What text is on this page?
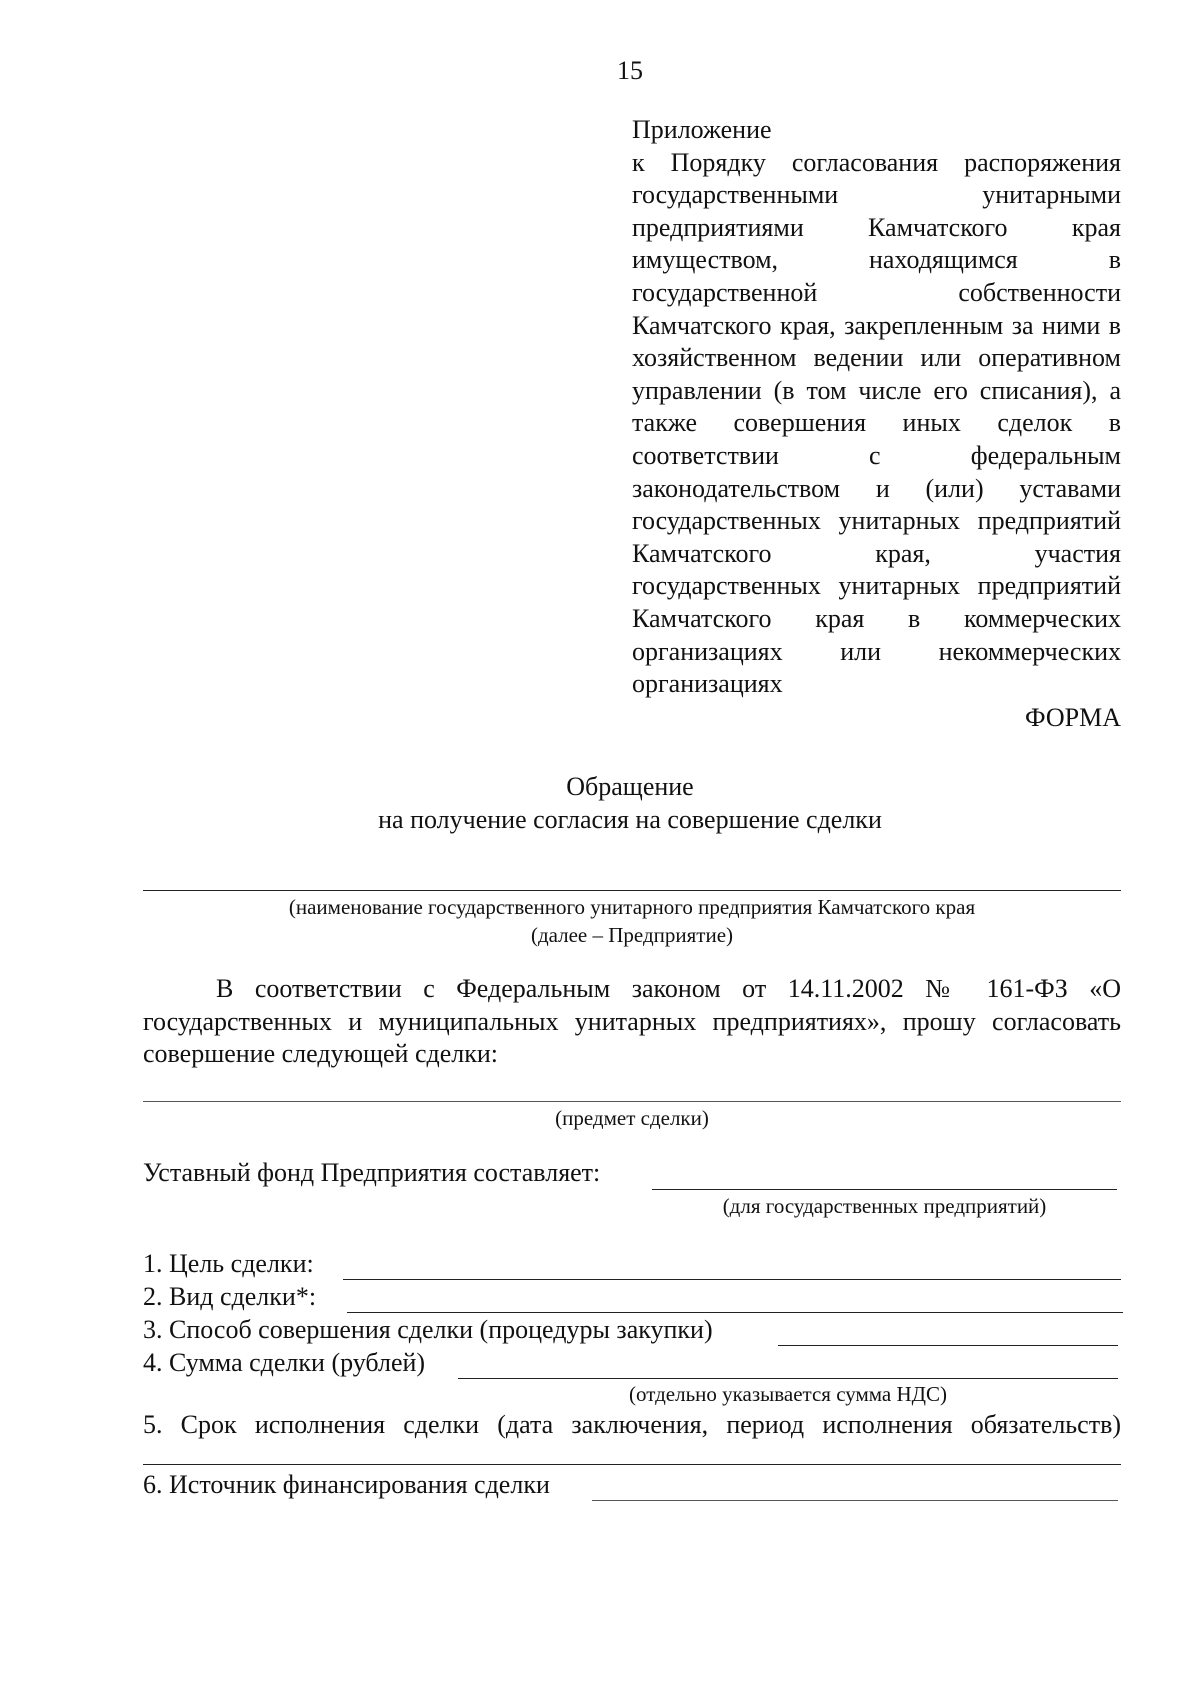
15
Приложение
к Порядку согласования распоряжения государственными унитарными предприятиями Камчатского края имуществом, находящимся в государственной собственности Камчатского края, закрепленным за ними в хозяйственном ведении или оперативном управлении (в том числе его списания), а также совершения иных сделок в соответствии с федеральным законодательством и (или) уставами государственных унитарных предприятий Камчатского края, участия государственных унитарных предприятий Камчатского края в коммерческих организациях или некоммерческих организациях
ФОРМА
Обращение
на получение согласия на совершение сделки
(наименование государственного унитарного предприятия Камчатского края
(далее – Предприятие)
В соответствии с Федеральным законом от 14.11.2002 № 161-ФЗ «О государственных и муниципальных унитарных предприятиях», прошу согласовать совершение следующей сделки:
(предмет сделки)
Уставный фонд Предприятия составляет:
(для государственных предприятий)
1. Цель сделки:
2. Вид сделки*:
3. Способ совершения сделки (процедуры закупки)
4. Сумма сделки (рублей)
(отдельно указывается сумма НДС)
5. Срок исполнения сделки (дата заключения, период исполнения обязательств)
6. Источник финансирования сделки
